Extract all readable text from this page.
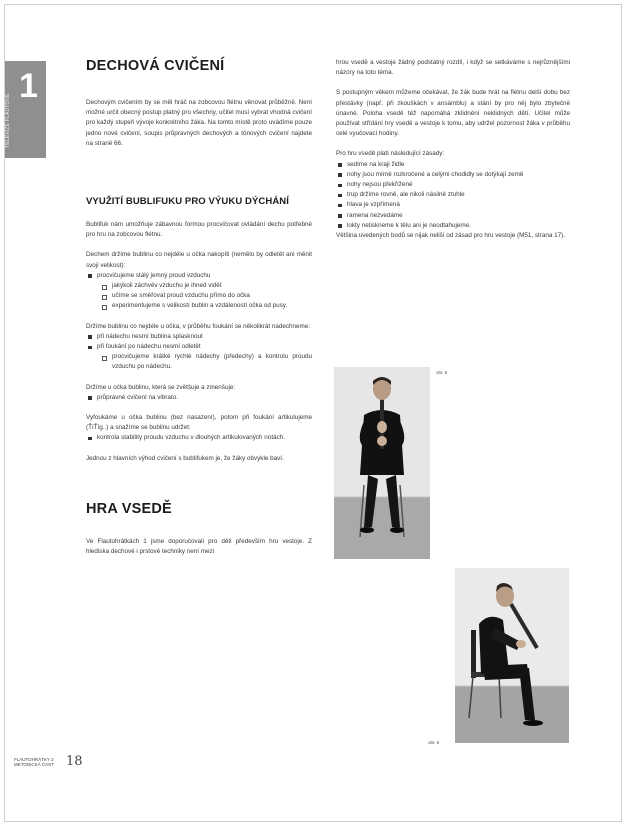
1
TELEVIZE FLAUTOVÉ
DECHOVÁ CVIČENÍ

Dechovým cvičením by se měl hráč na zobcovou flétnu věnovat průběžně. Není možné určit obecný postup platný pro všechny, učitel musí vybrat vhodná cvičení pro každý stupeň vývoje konkrétního žáka. Na tomto místě proto uvádíme pouze jedno nové cvičení, soupis průpravných dechových a tónových cvičení najdete na straně 66.

VYUŽITÍ BUBLIFUKU PRO VÝUKU DÝCHÁNÍ

Bublifuk nám umožňuje zábavnou formou procvičovat ovládání dechu potřebné pro hru na zobcovou flétnu.

Dechem držíme bublinu co nejdéle u očka nakopíti (nemělo by odletět ani měnit svoji velikost):

procvičujeme stálý jemný proud vzduchu
jakýkoli záchvěv vzduchu je ihned vidět
učíme se směřovat proud vzduchu přímo do očka
experimentujeme s velikostí bublin a vzdáleností očka od pusy.

Držíme bublinu co nejdéle u očka, v průběhu foukání se několikrát nadechneme:

při nádechu nesmí bublina splasknout
při foukání po nádechu nesmí odletět
procvičujeme krátké rychlé nádechy (předechy) a kontrolu proudu vzduchu po nádechu.

Držíme u očka bublinu, která se zvětšuje a zmenšuje:

průpravné cvičení na vibrato.

Vyfoukáme u očka bublinu (bez nasazení), potom při foukání artikulujeme (ŤíŤíg..) a snažíme se bublinu udržet:

kontrola stability proudu vzduchu v dlouhých artikulovaných notách.

Jednou z hlavních výhod cvičení s bublifukem je, že žáky obvykle baví.

HRA VSEDĚ

Ve Flautohrátkách 1 jsme doporučovali pro děti především hru vestoje. Z hlediska dechové i prstové techniky není mezi

hrou vsedě a vestoje žádný podstatný rozdíl, i když se setkáváme s nejrůznějšími názory na toto téma.

S postupným věkem můžeme očekávat, že žák bude hrát na flétnu delší dobu bez přestávky (např. při zkouškách v ansámblu) a stání by pro něj bylo zbytečně únavné. Poloha vsedě též napomáhá zklidnění neklidných dětí. Učitel může používat střídání hry vsedě a vestoje k tomu, aby udržel pozornost žáka v průběhu celé vyučovací hodiny.

Pro hru vsedě platí následující zásady:

sedíme na kraji židle
nohy jsou mírně rozkročené a celými chodidly se dotýkají země
nohy nejsou překřížené
trup držíme rovně, ale nikoli násilně ztuhle
hlava je vzpřímená
ramena nezvedáme
lokty netiskneme k tělu ani je neodtahujeme.

Většina uvedených bodů se nijak neliší od zásad pro hru vestoje (M51, strana 17).

obr. 6
obr. 6
FLAUTOHRÁTKY 2
METODICKÁ ČÁST 18
